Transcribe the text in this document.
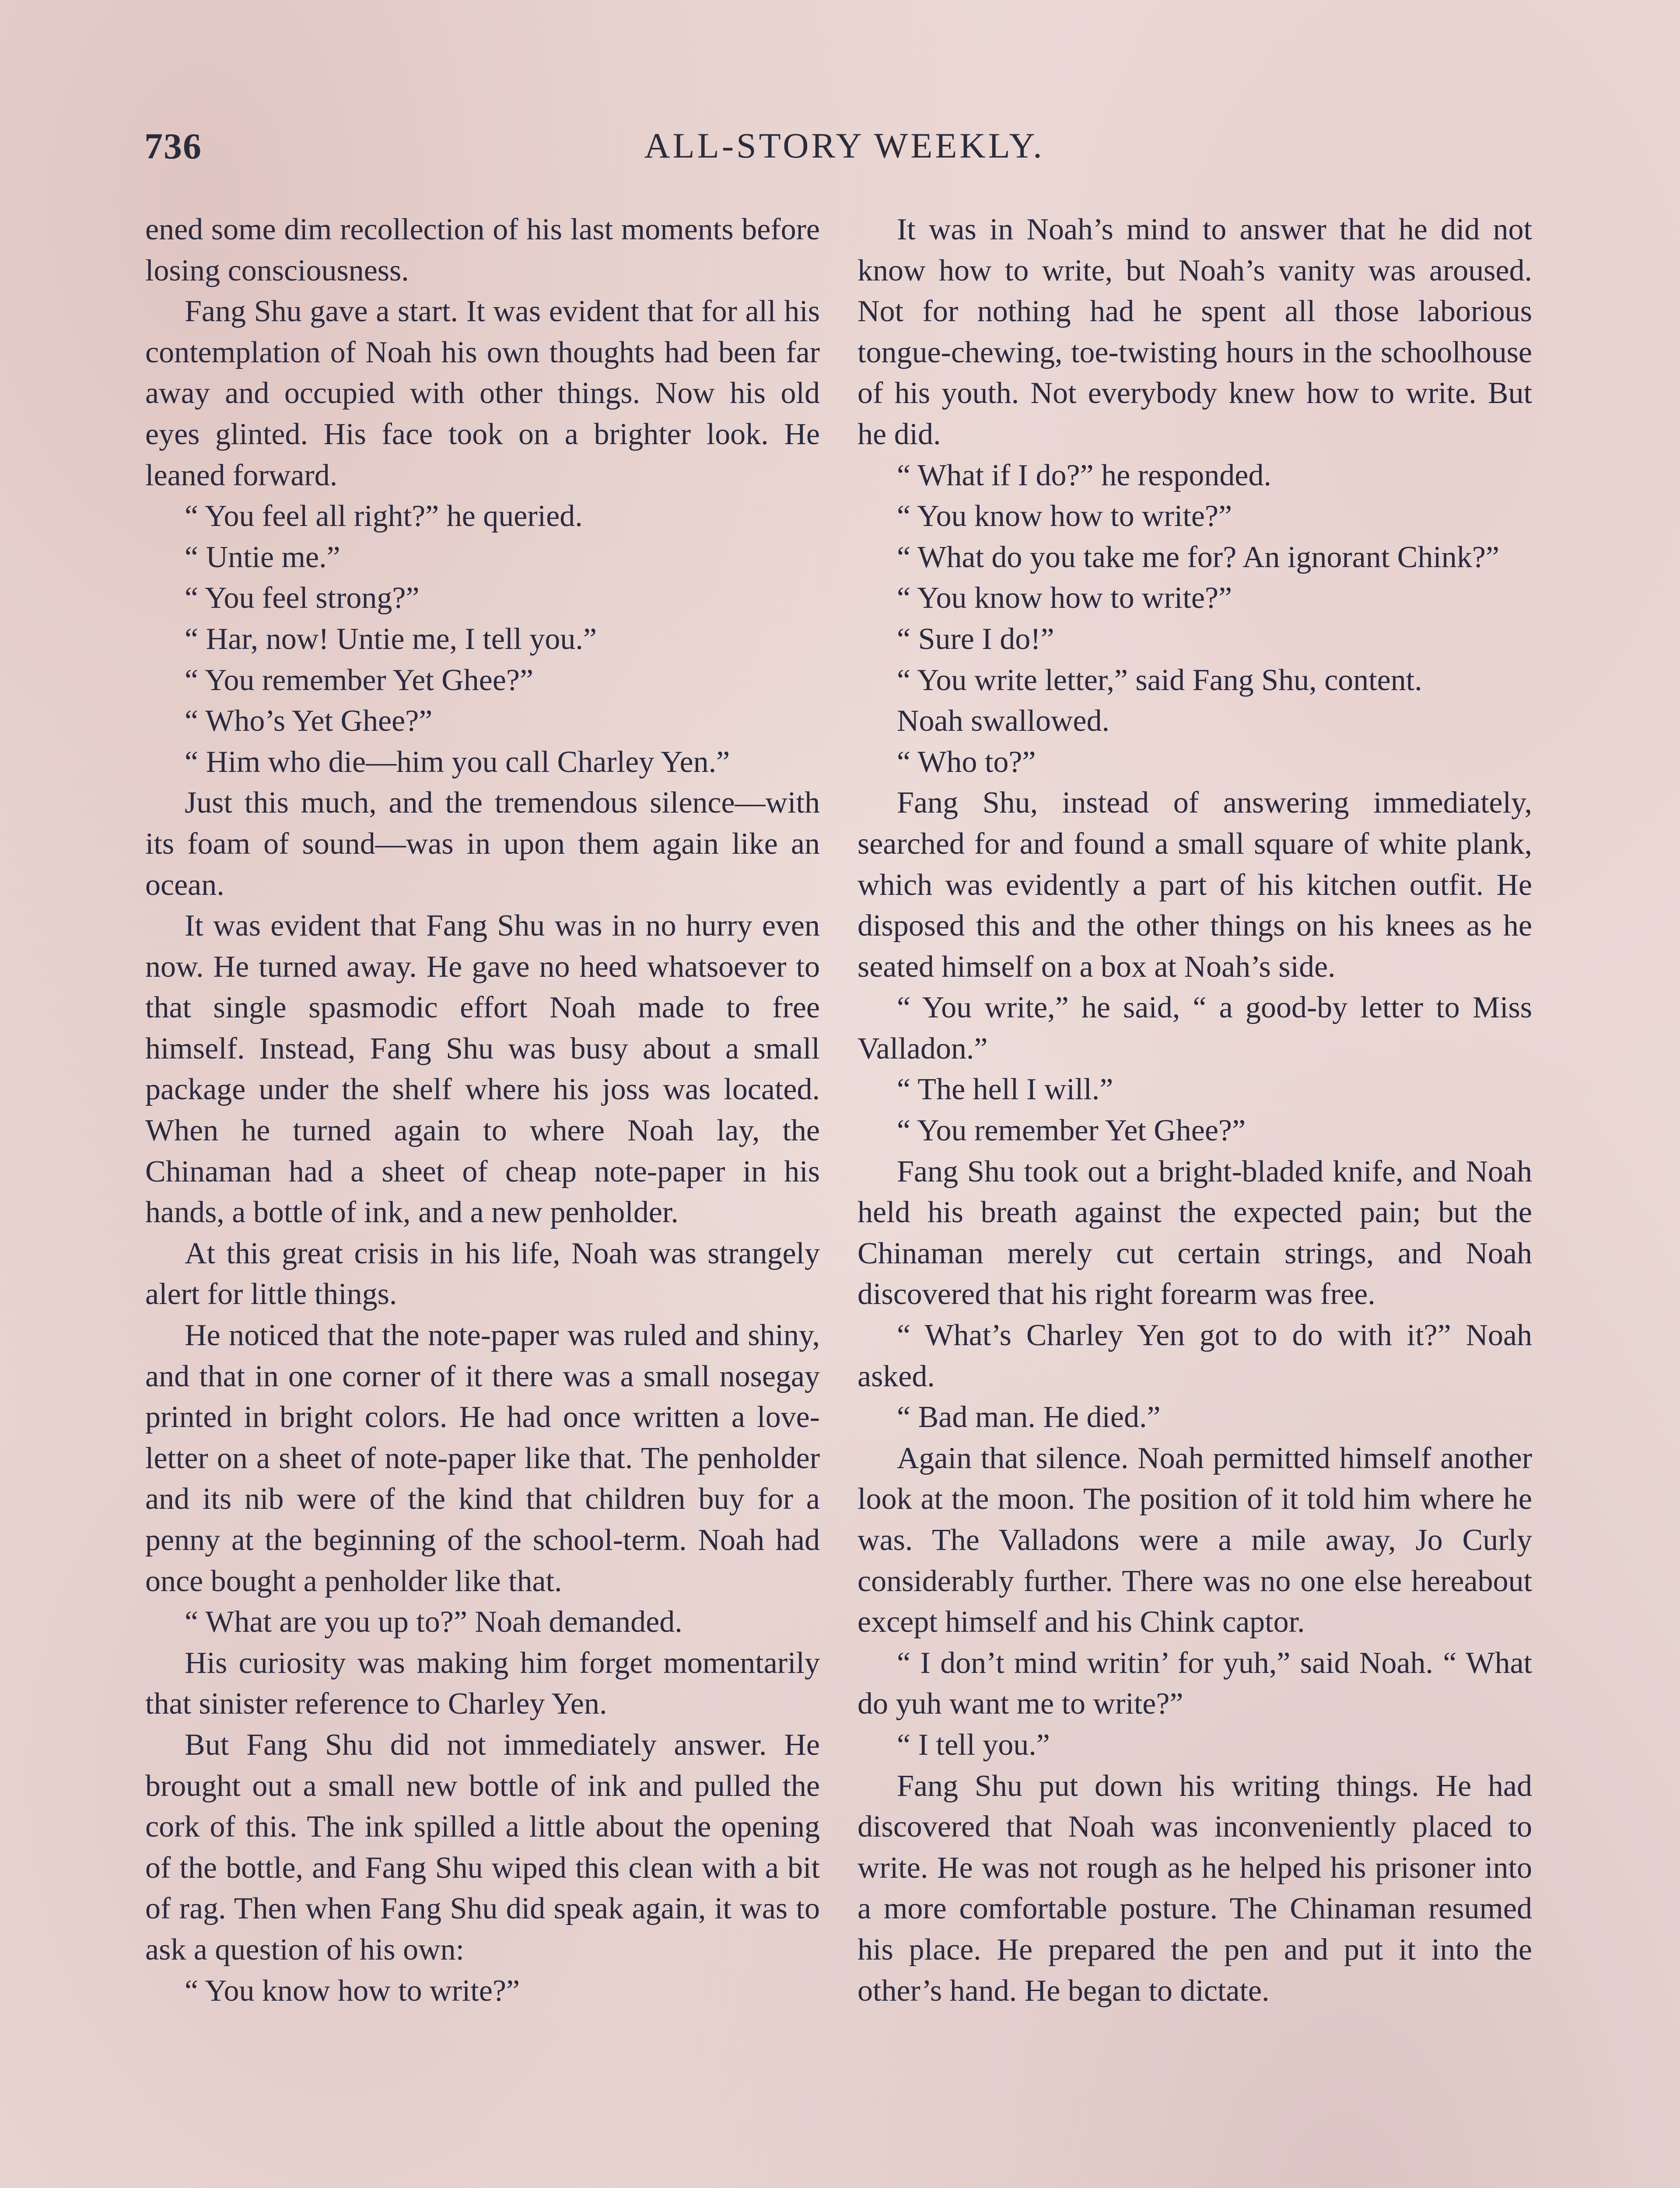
736	ALL-STORY WEEKLY.

ened some dim recollection of his last moments before losing consciousness.

Fang Shu gave a start. It was evident that for all his contemplation of Noah his own thoughts had been far away and occupied with other things. Now his old eyes glinted. His face took on a brighter look. He leaned forward.

“ You feel all right?” he queried.

“ Untie me.”

“ You feel strong?”

“ Har, now! Untie me, I tell you.”

“ You remember Yet Ghee?”

“ Who’s Yet Ghee?”

“ Him who die—him you call Charley Yen.”

Just this much, and the tremendous silence—with its foam of sound—was in upon them again like an ocean.

It was evident that Fang Shu was in no hurry even now. He turned away. He gave no heed whatsoever to that single spasmodic effort Noah made to free himself. Instead, Fang Shu was busy about a small package under the shelf where his joss was located. When he turned again to where Noah lay, the Chinaman had a sheet of cheap note-paper in his hands, a bottle of ink, and a new penholder.

At this great crisis in his life, Noah was strangely alert for little things.

He noticed that the note-paper was ruled and shiny, and that in one corner of it there was a small nosegay printed in bright colors. He had once written a love-letter on a sheet of note-paper like that. The penholder and its nib were of the kind that children buy for a penny at the beginning of the school-term. Noah had once bought a penholder like that.

“ What are you up to?” Noah demanded.

His curiosity was making him forget momentarily that sinister reference to Charley Yen.

But Fang Shu did not immediately answer. He brought out a small new bottle of ink and pulled the cork of this. The ink spilled a little about the opening of the bottle, and Fang Shu wiped this clean with a bit of rag. Then when Fang Shu did speak again, it was to ask a question of his own:

“ You know how to write?”

It was in Noah’s mind to answer that he did not know how to write, but Noah’s vanity was aroused. Not for nothing had he spent all those laborious tongue-chewing, toe-twisting hours in the schoolhouse of his youth. Not everybody knew how to write. But he did.

“ What if I do?” he responded.

“ You know how to write?”

“ What do you take me for? An ignorant Chink?”

“ You know how to write?”

“ Sure I do!”

“ You write letter,” said Fang Shu, content.

Noah swallowed.

“ Who to?”

Fang Shu, instead of answering immediately, searched for and found a small square of white plank, which was evidently a part of his kitchen outfit. He disposed this and the other things on his knees as he seated himself on a box at Noah’s side.

“ You write,” he said, “ a good-by letter to Miss Valladon.”

“ The hell I will.”

“ You remember Yet Ghee?”

Fang Shu took out a bright-bladed knife, and Noah held his breath against the expected pain; but the Chinaman merely cut certain strings, and Noah discovered that his right forearm was free.

“ What’s Charley Yen got to do with it?” Noah asked.

“ Bad man. He died.”

Again that silence. Noah permitted himself another look at the moon. The position of it told him where he was. The Valladons were a mile away, Jo Curly considerably further. There was no one else hereabout except himself and his Chink captor.

“ I don’t mind writin’ for yuh,” said Noah. “ What do yuh want me to write?”

“ I tell you.”

Fang Shu put down his writing things. He had discovered that Noah was inconveniently placed to write. He was not rough as he helped his prisoner into a more comfortable posture. The Chinaman resumed his place. He prepared the pen and put it into the other’s hand. He began to dictate.
